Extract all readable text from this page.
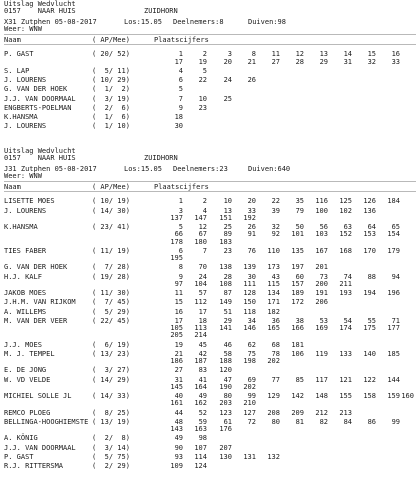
Uitslag Wedvlucht
0157    NAAR HUIS	ZUIDHORN
X31 Zutphen 05-08-2017	Los:15.05 Deelnemers:8	Duiven:98
Weer: WNW
Naam	( AP/Mee)	Plaatscijfers
P. GAST	( 20/ 52)	1	2	3	8	11	12	13	14	15	16
17	19	20	21	27	28	29	31	32	33
S. LAP	(  5/ 11)	4	5
J. LOURENS	( 10/ 29)	6	22	24	26
G. VAN DER HOEK	(  1/  2)	5
J.J. VAN DOORMAAL (  3/ 19)	7	10	25
ENGBERTS-POELMAN	(  2/  6)	9	23
K.HANSMA	(  1/  6)	18
J. LOURENS	(  1/ 10)	30
Uitslag Wedvlucht
0157    NAAR HUIS	ZUIDHORN
J31 Zutphen 05-08-2017	Los:15.05 Deelnemers:23	Duiven:640
Weer: WNW
Naam	( AP/Mee)	Plaatscijfers
LISETTE MOES	( 10/ 19)	1	2	10	20	22	35	116	125	126	184
J. LOURENS	( 14/ 30)	3	4	13	33	39	79	100	102	136
137	147	151	192
K.HANSMA	( 23/ 41)	5	12	25	26	32	50	56	63	64	65
66	67	89	91	92	101	103	152	153	154
178	180	183
TIES FABER	( 11/ 19)	6	7	23	76	110	135	167	168	170	179
195
G. VAN DER HOEK	(  7/ 28)	8	70	138	139	173	197	201
H.J. KALF	( 19/ 28)	9	24	28	30	43	60	73	74	88	94
97	104	108	111	115	157	200	211
JAKOB MOES	( 11/ 30)	11	57	87	128	134	189	191	193	194	196
J.H.M. VAN RIJKOM (  7/ 45)	15	112	149	150	171	172	206
A. WILLEMS	(  5/ 29)	16	17	51	118	182
M. VAN DER VEER	( 22/ 45)	17	18	29	34	36	38	53	54	55	71
105	113	141	146	165	166	169	174	175	177
205	214
J.J. MOES	(  6/ 19)	19	45	46	62	68	181
M. J. TEMPEL	( 13/ 23)	21	42	58	75	78	106	119	133	140	185
186	187	188	198	202
E. DE JONG	(  3/ 27)	27	83	120
W. VD VELDE	( 14/ 29)	31	41	47	69	77	85	117	121	122	144
145	164	190	202
MICHIEL SOLLE JL	( 14/ 33)	40	49	80	99	129	142	148	155	158	159 160
161	162	203	210
REMCO PLOEG	(  8/ 25)	44	52	123	127	208	209	212	213
BELLINGA-HOOGHIEMSTE ( 13/ 19)	48	59	61	72	80	81	82	84	86	99
143	163	176
A. KÖNIG	(  2/  8)	49	98
J.J. VAN DOORMAAL (  3/ 14)	90	107	207
P. GAST	(  5/ 75)	93	114	130	131	132
R.J. RITTERSMA	(  2/ 29)	109	124
